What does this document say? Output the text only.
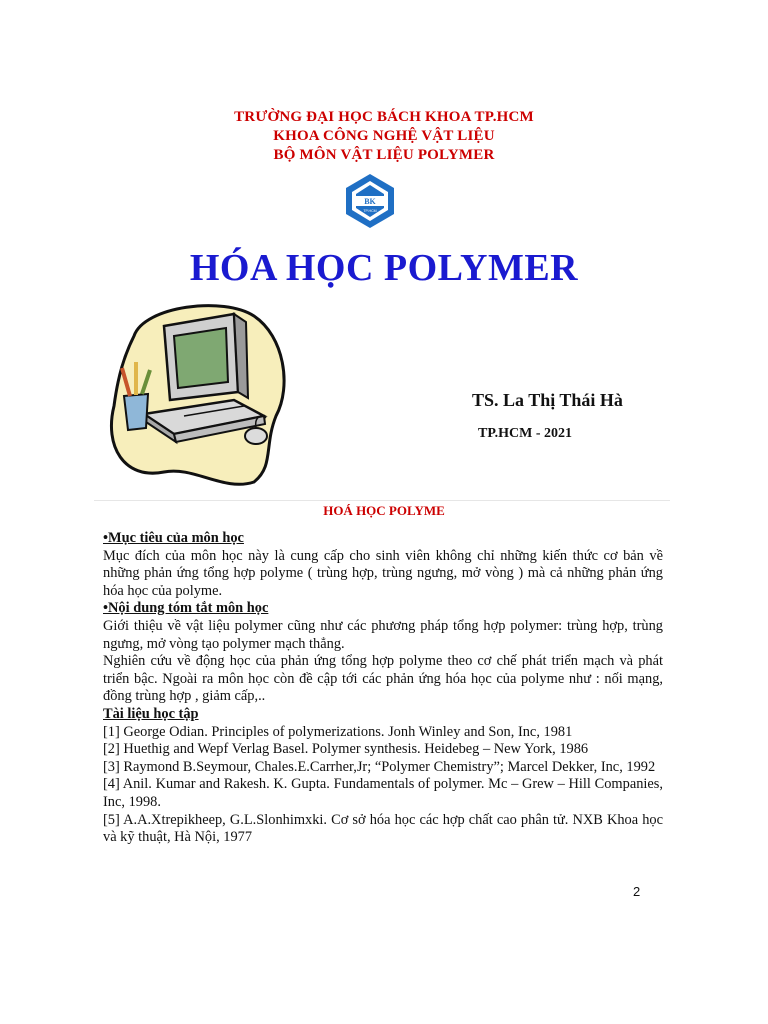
TRƯỜNG ĐẠI HỌC BÁCH KHOA TP.HCM
KHOA CÔNG NGHỆ VẬT LIỆU
BỘ MÔN VẬT LIỆU POLYMER
BK
TP.HCM
HÓA HỌC POLYMER
TS. La Thị Thái Hà
TP.HCM - 2021
HOÁ HỌC POLYME

•Mục tiêu của môn học

Mục đích của môn học này là cung cấp cho sinh viên không chỉ những kiến thức cơ bản về những phản ứng tổng hợp polyme ( trùng hợp, trùng ngưng, mở vòng ) mà cả những phản ứng hóa học của polyme.

•Nội dung tóm tắt môn học

Giới thiệu về vật liệu polymer cũng như các phương pháp tổng hợp polymer: trùng hợp, trùng ngưng, mở vòng tạo polymer mạch thẳng.

Nghiên cứu về động học của phản ứng tổng hợp polyme theo cơ chế phát triển mạch và phát triển bậc. Ngoài ra môn học còn đề cập tới các phản ứng hóa học của polyme như : nối mạng, đồng trùng hợp , giảm cấp,..

Tài liệu học tập

[1] George Odian. Principles of polymerizations. Jonh Winley and Son, Inc, 1981

[2] Huethig and Wepf Verlag Basel. Polymer synthesis. Heidebeg – New York, 1986

[3] Raymond B.Seymour, Chales.E.Carrher,Jr; “Polymer Chemistry”; Marcel Dekker, Inc, 1992

[4] Anil. Kumar and Rakesh. K. Gupta. Fundamentals of polymer. Mc – Grew – Hill Companies, Inc, 1998.

[5] A.A.Xtrepikheep, G.L.Slonhimxki. Cơ sở hóa học các hợp chất cao phân tử. NXB Khoa học và kỹ thuật, Hà Nội, 1977

2
